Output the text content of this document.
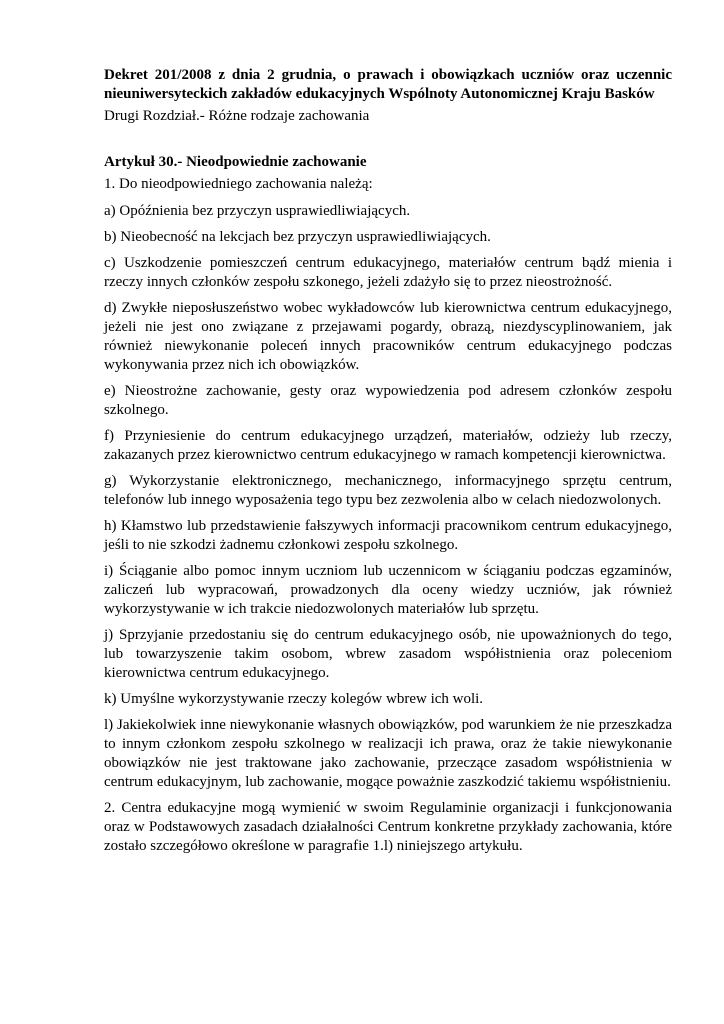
Dekret 201/2008 z dnia 2 grudnia, o prawach i obowiązkach uczniów oraz uczennic nieuniwersyteckich zakładów edukacyjnych Wspólnoty Autonomicznej Kraju Basków

Drugi Rozdział.- Różne rodzaje zachowania

Artykuł 30.- Nieodpowiednie zachowanie

1. Do nieodpowiedniego zachowania należą:

a) Opóźnienia bez przyczyn usprawiedliwiających.

b) Nieobecność na lekcjach bez przyczyn usprawiedliwiających.

c) Uszkodzenie pomieszczeń centrum edukacyjnego, materiałów centrum bądź mienia i rzeczy innych członków zespołu szkonego, jeżeli zdażyło się to przez nieostrożność.

d) Zwykłe nieposłuszeństwo wobec wykładowców lub kierownictwa centrum edukacyjnego, jeżeli nie jest ono związane z przejawami pogardy, obrazą, niezdyscyplinowaniem, jak również niewykonanie poleceń innych pracowników centrum edukacyjnego podczas wykonywania przez nich ich obowiązków.

e) Nieostrożne zachowanie, gesty oraz wypowiedzenia pod adresem członków zespołu szkolnego.

f) Przyniesienie do centrum edukacyjnego urządzeń, materiałów, odzieży lub rzeczy, zakazanych przez kierownictwo centrum edukacyjnego w ramach kompetencji kierownictwa.

g) Wykorzystanie elektronicznego, mechanicznego, informacyjnego sprzętu centrum, telefonów lub innego wyposażenia tego typu bez zezwolenia albo w celach niedozwolonych.

h) Kłamstwo lub przedstawienie fałszywych informacji pracownikom centrum edukacyjnego, jeśli to nie szkodzi żadnemu członkowi zespołu szkolnego.

i) Ściąganie albo pomoc innym uczniom lub uczennicom w ściąganiu podczas egzaminów, zaliczeń lub wypracowań, prowadzonych dla oceny wiedzy uczniów, jak również wykorzystywanie w ich trakcie niedozwolonych materiałów lub sprzętu.

j) Sprzyjanie przedostaniu się do centrum edukacyjnego osób, nie upoważnionych do tego, lub towarzyszenie takim osobom, wbrew zasadom współistnienia oraz poleceniom kierownictwa centrum edukacyjnego.

k) Umyślne wykorzystywanie rzeczy kolegów wbrew ich woli.

l) Jakiekolwiek inne niewykonanie własnych obowiązków, pod warunkiem że nie przeszkadza to innym członkom zespołu szkolnego w realizacji ich prawa, oraz że takie niewykonanie obowiązków nie jest traktowane jako zachowanie, przeczące zasadom współistnienia w centrum edukacyjnym, lub zachowanie, mogące poważnie zaszkodzić takiemu współistnieniu.

2. Centra edukacyjne mogą wymienić w swoim Regulaminie organizacji i funkcjonowania oraz w Podstawowych zasadach działalności Centrum konkretne przykłady zachowania, które zostało szczegółowo określone w paragrafie 1.l) niniejszego artykułu.
